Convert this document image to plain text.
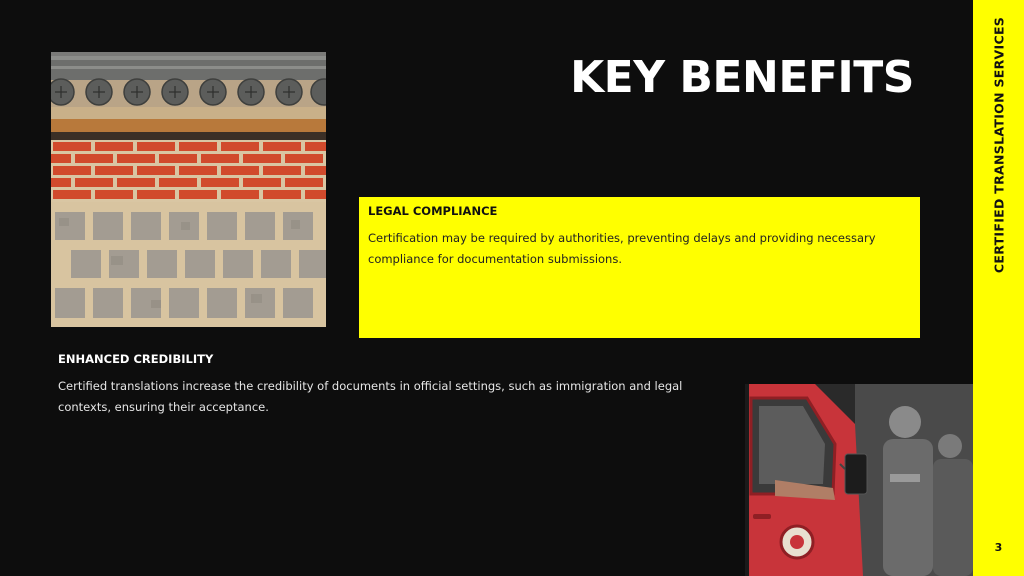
KEY BENEFITS
LEGAL COMPLIANCE
Certification may be required by authorities, preventing delays and providing necessary compliance for documentation submissions.
ENHANCED CREDIBILITY
Certified translations increase the credibility of documents in official settings, such as immigration and legal contexts, ensuring their acceptance.
CERTIFIED TRANSLATION SERVICES
3
